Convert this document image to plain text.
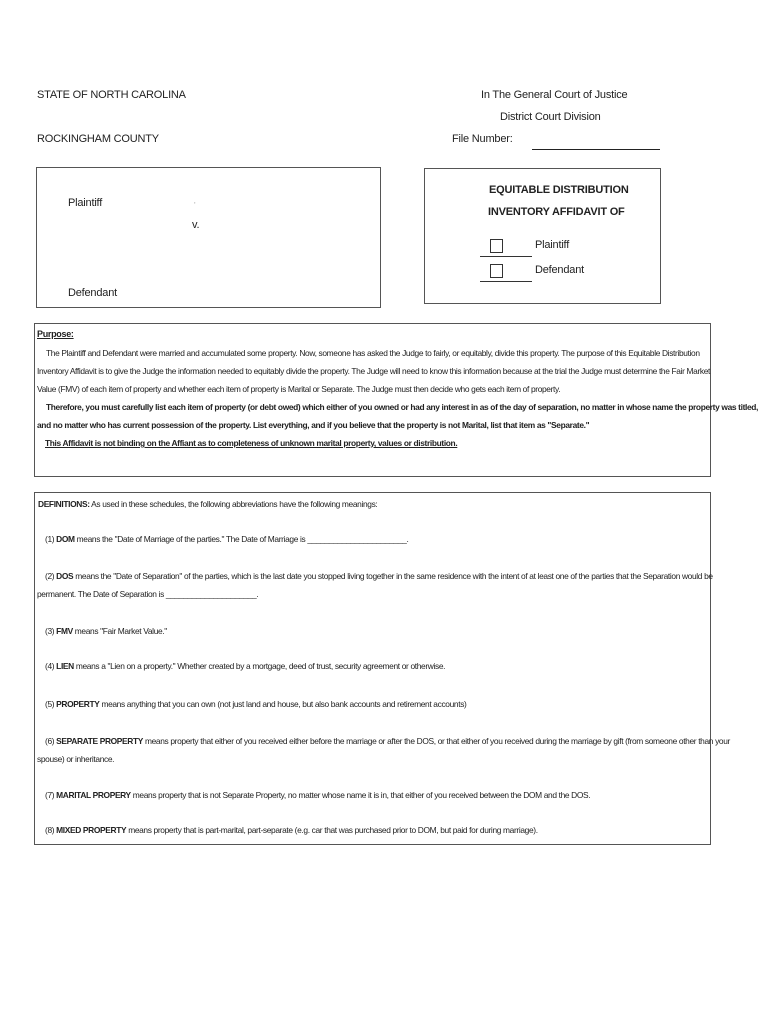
STATE OF NORTH CAROLINA
ROCKINGHAM COUNTY
In The General Court of Justice
District Court Division
File Number:
Plaintiff	,
v.
Defendant
EQUITABLE DISTRIBUTION
INVENTORY AFFIDAVIT OF
Plaintiff
Defendant
Purpose:
The Plaintiff and Defendant were married and accumulated some property. Now, someone has asked the Judge to fairly, or equitably, divide this property. The purpose of this Equitable Distribution
Inventory Affidavit is to give the Judge the information needed to equitably divide the property. The Judge will need to know this information because at the trial the Judge must determine the Fair Market
Value (FMV) of each item of property and whether each item of property is Marital or Separate. The Judge must then decide who gets each item of property.
Therefore, you must carefully list each item of property (or debt owed) which either of you owned or had any interest in as of the day of separation, no matter in whose name the property was titled,
and no matter who has current possession of the property. List everything, and if you believe that the property is not Marital, list that item as "Separate."
This Affidavit is not binding on the Affiant as to completeness of unknown marital property, values or distribution.
DEFINITIONS: As used in these schedules, the following abbreviations have the following meanings:
(1) DOM means the "Date of Marriage of the parties." The Date of Marriage is _______________________.
(2) DOS means the "Date of Separation" of the parties, which is the last date you stopped living together in the same residence with the intent of at least one of the parties that the Separation would be
permanent. The Date of Separation is _____________________.
(3) FMV means "Fair Market Value."
(4) LIEN means a "Lien on a property." Whether created by a mortgage, deed of trust, security agreement or otherwise.
(5) PROPERTY means anything that you can own (not just land and house, but also bank accounts and retirement accounts)
(6) SEPARATE PROPERTY means property that either of you received either before the marriage or after the DOS, or that either of you received during the marriage by gift (from someone other than your
spouse) or inheritance.
(7) MARITAL PROPERY means property that is not Separate Property, no matter whose name it is in, that either of you received between the DOM and the DOS.
(8) MIXED PROPERTY means property that is part-marital, part-separate (e.g. car that was purchased prior to DOM, but paid for during marriage).
